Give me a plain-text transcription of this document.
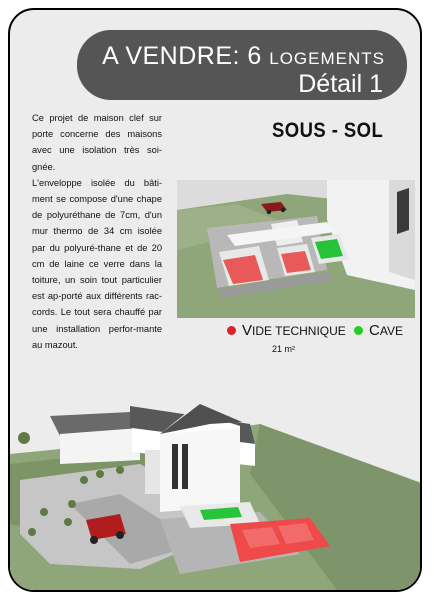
A VENDRE: 6 LOGEMENTS
Détail 1

Ce projet de maison clef sur porte concerne des maisons avec une isolation très soi-gnée.

L'enveloppe isolée du bâti-ment se compose d'une chape de polyuréthane de 7cm, d'un mur thermo de 34 cm isolée par du polyuré-thane et de 20 cm de laine ce verre dans la toiture, un soin tout particulier est ap-porté aux différents rac-cords. Le tout sera chauffé par une installation perfor-mante au mazout.

SOUS - SOL
VIDE TECHNIQUE
21 m²
CAVE
